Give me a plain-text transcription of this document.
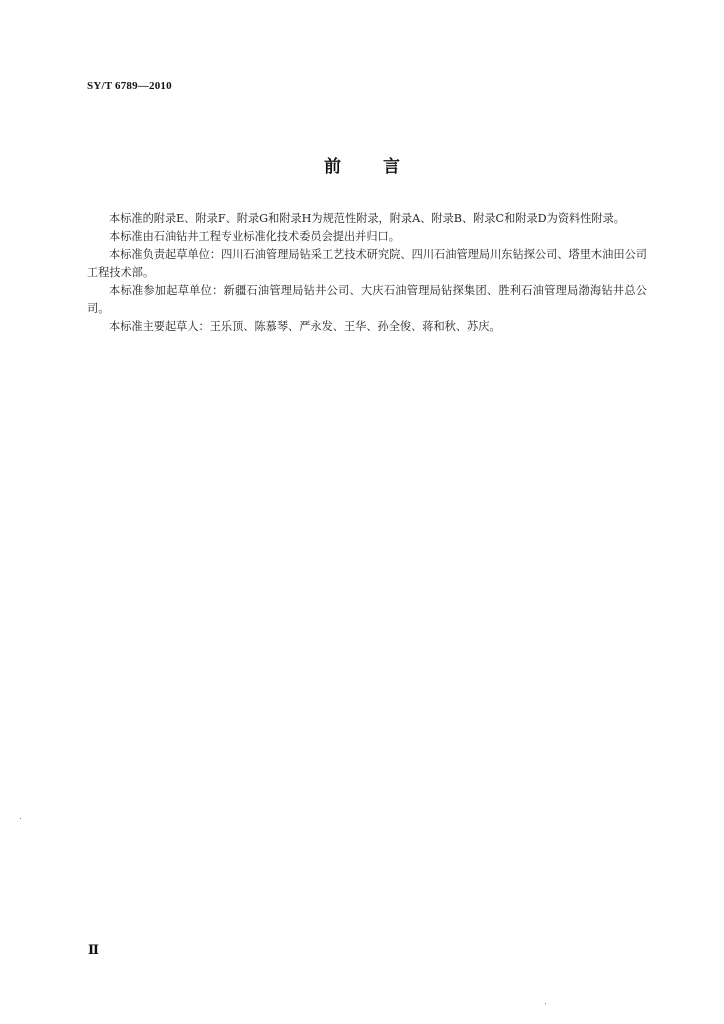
SY/T 6789—2010
前 言

本标准的附录E、附录F、附录G和附录H为规范性附录，附录A、附录B、附录C和附录D为资料性附录。

本标准由石油钻井工程专业标准化技术委员会提出并归口。

本标准负责起草单位：四川石油管理局钻采工艺技术研究院、四川石油管理局川东钻探公司、塔里木油田公司工程技术部。

本标准参加起草单位：新疆石油管理局钻井公司、大庆石油管理局钻探集团、胜利石油管理局渤海钻井总公司。

本标准主要起草人：王乐顶、陈慕琴、严永发、王华、孙全俊、蒋和秋、苏庆。

Ⅱ
